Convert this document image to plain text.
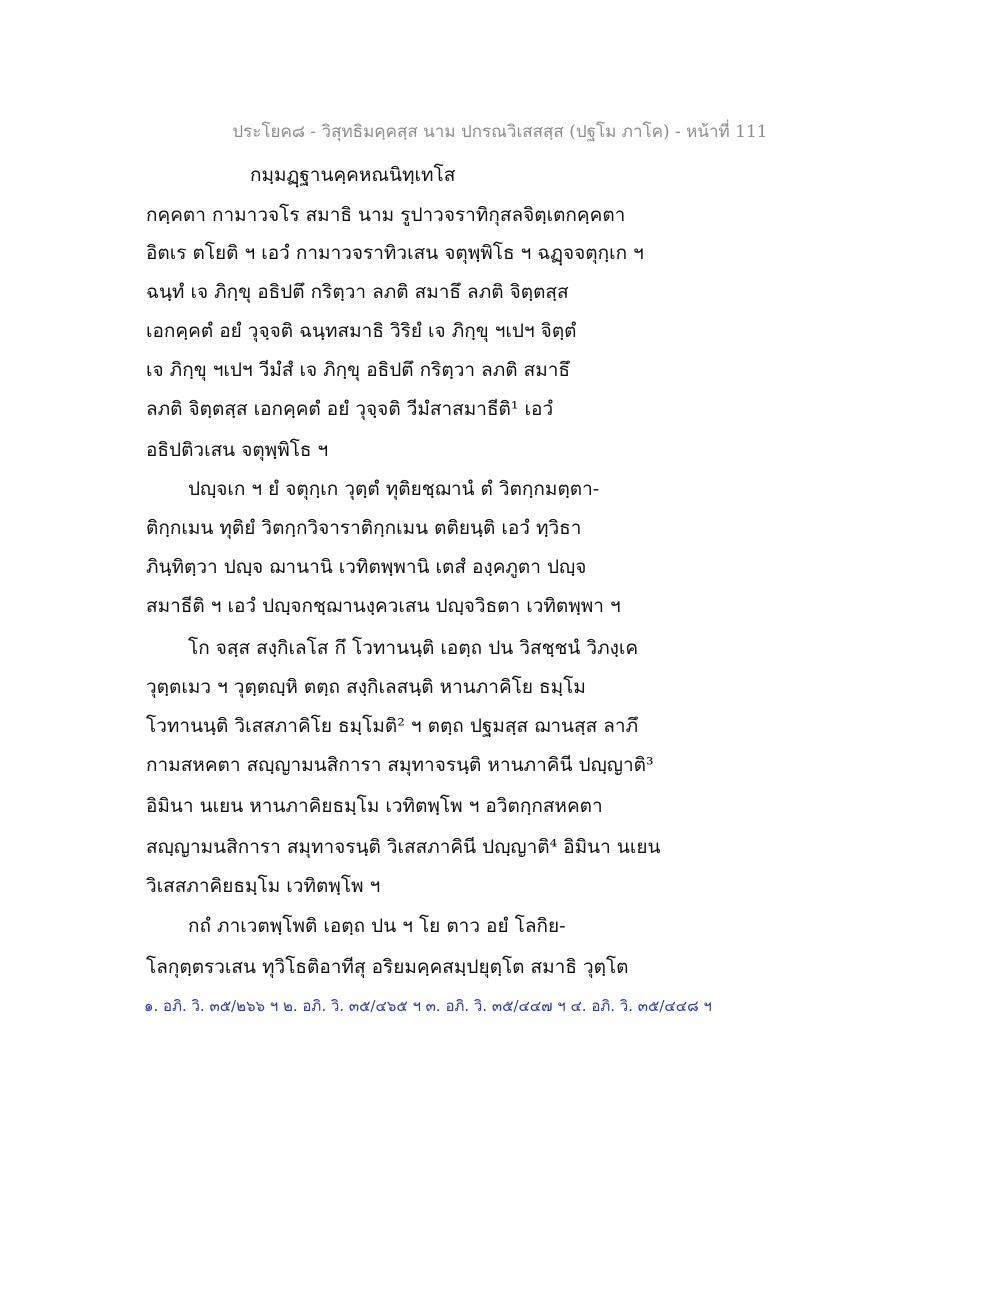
ประโยค๘ - วิสุทธิมคฺคสฺส นาม ปกรณวิเสสสฺส (ปฐโม ภาโค) - หน้าที่ 111
กมฺมฏฺฐานคฺคหณนิทฺเทโส
กคฺคตา กามาวจโร สมาธิ นาม รูปาวจราทิกุสลจิตฺเตกคฺคตา
อิตเร ตโยติ ฯ เอวํ กามาวจราทิวเสน จตุพฺพิโธ ฯ ฉฏฺจจตุกฺเก ฯ
ฉนฺทํ เจ ภิกฺขุ อธิปตึ กริตฺวา ลภติ สมาธึ ลภติ จิตฺตสฺส
เอกคฺคตํ อยํ วุจฺจติ ฉนฺทสมาธิ วิริยํ เจ ภิกฺขุ ฯเปฯ จิตฺตํ
เจ ภิกฺขุ ฯเปฯ วีมํสํ เจ ภิกฺขุ อธิปตึ กริตฺวา ลภติ สมาธึ
ลภติ จิตฺตสฺส เอกคฺคตํ อยํ วุจฺจติ วีมํสาสมาธีติ¹ เอวํ
อธิปติวเสน จตุพฺพิโธ ฯ
ปญฺจเก ฯ ยํ จตุกฺเก วุตฺตํ ทุติยชฺฌานํ ตํ วิตกฺกมตฺตา-
ติกฺกเมน ทุติยํ วิตกฺกวิจาราติกฺกเมน ตติยนฺติ เอวํ ทฺวิธา
ภินฺทิตฺวา ปญฺจ ฌานานิ เวทิตพฺพานิ เตสํ องฺคภูตา ปญฺจ
สมาธีติ ฯ เอวํ ปญฺจกชฺฌานงฺควเสน ปญฺจวิธตา เวทิตพฺพา ฯ
โก จสฺส สงฺกิเลโส กึ โวทานนฺติ เอตฺถ ปน วิสชฺชนํ วิภงฺเค
วุตฺตเมว ฯ วุตฺตญฺหิ ตตฺถ สงฺกิเลสนฺติ หานภาคิโย ธมฺโม
โวทานนฺติ วิเสสภาคิโย ธมฺโมติ² ฯ ตตฺถ ปฐมสฺส ฌานสฺส ลาภึ
กามสหคตา สญฺญามนสิการา สมุทาจรนฺติ หานภาคินี ปญฺญาติ³
อิมินา นเยน หานภาคิยธมฺโม เวทิตพฺโพ ฯ อวิตกฺกสหคตา
สญฺญามนสิการา สมุทาจรนฺติ วิเสสภาคินี ปญฺญาติ⁴ อิมินา นเยน
วิเสสภาคิยธมฺโม เวทิตพฺโพ ฯ
กถํ ภาเวตพฺโพติ เอตฺถ ปน ฯ โย ตาว อยํ โลกิย-
โลกุตฺตรวเสน ทุวิโธติอาทีสุ อริยมคฺคสมฺปยุตฺโต สมาธิ วุตฺโต
๑. อภิ. วิ. ๓๕/๒๖๖ ฯ ๒. อภิ. วิ. ๓๕/๔๖๕ ฯ ๓. อภิ. วิ. ๓๕/๔๔๗ ฯ ๔. อภิ. วิ. ๓๕/๔๔๘ ฯ
